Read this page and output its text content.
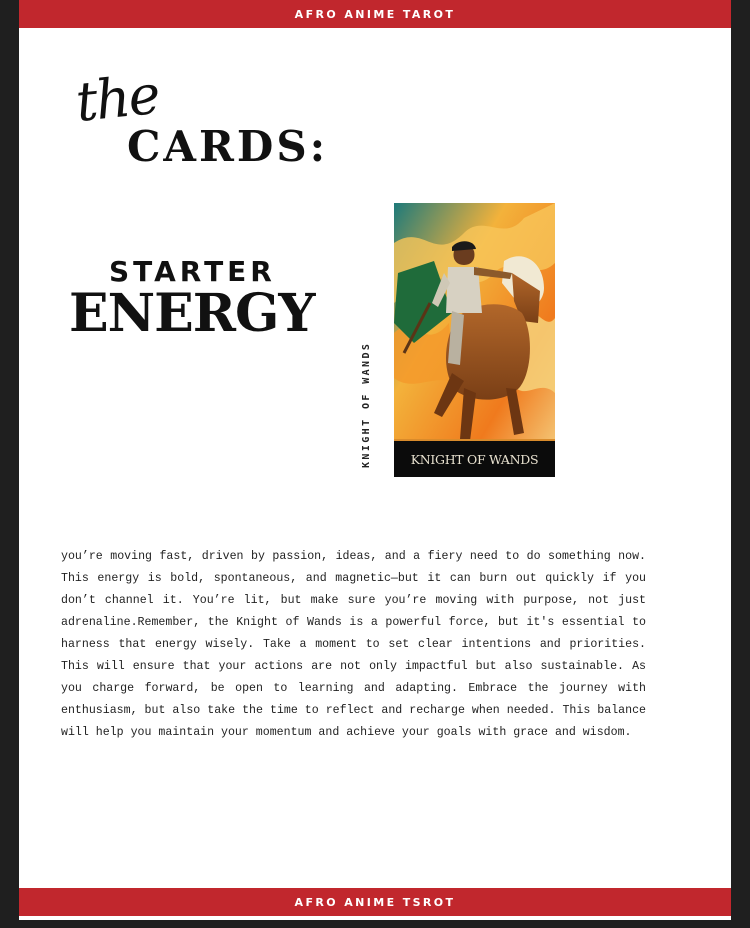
AFRO ANIME TAROT
the
CARDS:
STARTER
ENERGY
KNIGHT OF WANDS	KNIGHT OF WANDS

you’re moving fast, driven by passion, ideas, and a fiery need to do something now. This energy is bold, spontaneous, and magnetic—but it can burn out quickly if you don’t channel it. You’re lit, but make sure you’re moving with purpose, not just adrenaline.Remember, the Knight of Wands is a powerful force, but it's essential to harness that energy wisely. Take a moment to set clear intentions and priorities. This will ensure that your actions are not only impactful but also sustainable. As you charge forward, be open to learning and adapting. Embrace the journey with enthusiasm, but also take the time to reflect and recharge when needed. This balance will help you maintain your momentum and achieve your goals with grace and wisdom.

AFRO ANIME TSROT
